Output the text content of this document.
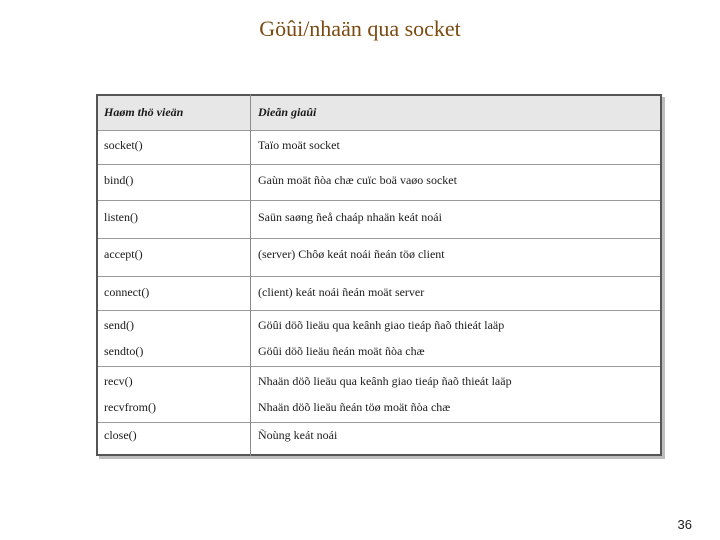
Göûi/nhaän qua socket
Haøm thö vieän	Dieãn giaûi
socket()	Taïo moät socket
bind()	Gaùn moät ñòa chæ cuïc boä vaøo socket
listen()	Saün saøng ñeå chaáp nhaän keát noái
accept()	(server) Chôø keát noái ñeán töø client
connect()	(client) keát noái ñeán moät server
send()	Göûi döõ lieäu qua keânh giao tieáp ñaõ thieát laäp
sendto()	Göûi döõ lieäu ñeán moät ñòa chæ
recv()	Nhaän döõ lieäu qua keânh giao tieáp ñaõ thieát laäp
recvfrom()	Nhaän döõ lieäu ñeán töø moät ñòa chæ
close()	Ñoùng keát noái
36
